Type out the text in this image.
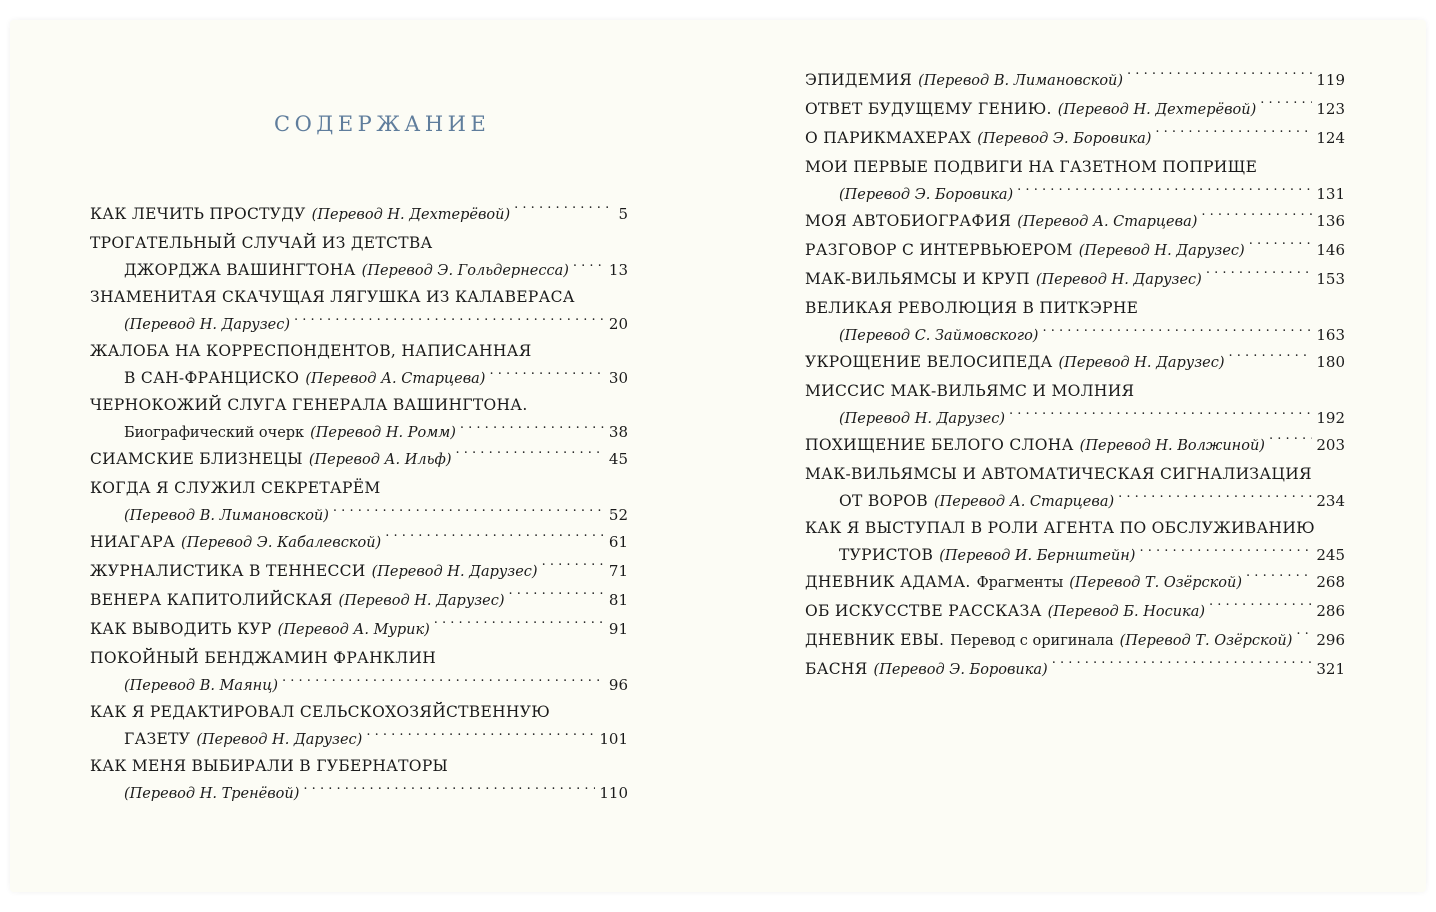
СОДЕРЖАНИЕ
КАК ЛЕЧИТЬ ПРОСТУДУ (Перевод Н. Дехтерёвой) . . .	5
ТРОГАТЕЛЬНЫЙ СЛУЧАЙ ИЗ ДЕТСТВА
ДЖОРДЖА ВАШИНГТОНА (Перевод Э. Гольдернесса) . . .	13
ЗНАМЕНИТАЯ СКАЧУЩАЯ ЛЯГУШКА ИЗ КАЛАВЕРАСА
(Перевод Н. Дарузес) . . .	20
ЖАЛОБА НА КОРРЕСПОНДЕНТОВ, НАПИСАННАЯ
В САН-ФРАНЦИСКО (Перевод А. Старцева) . . .	30
ЧЕРНОКОЖИЙ СЛУГА ГЕНЕРАЛА ВАШИНГТОНА.
Биографический очерк (Перевод Н. Ромм) . . .	38
СИАМСКИЕ БЛИЗНЕЦЫ (Перевод А. Ильф) . . .	45
КОГДА Я СЛУЖИЛ СЕКРЕТАРЁМ
(Перевод В. Лимановской) . . .	52
НИАГАРА (Перевод Э. Кабалевской) . . .	61
ЖУРНАЛИСТИКА В ТЕННЕССИ (Перевод Н. Дарузес) . . .	71
ВЕНЕРА КАПИТОЛИЙСКАЯ (Перевод Н. Дарузес) . . .	81
КАК ВЫВОДИТЬ КУР (Перевод А. Мурик) . . .	91
ПОКОЙНЫЙ БЕНДЖАМИН ФРАНКЛИН
(Перевод В. Маянц) . . .	96
КАК Я РЕДАКТИРОВАЛ СЕЛЬСКОХОЗЯЙСТВЕННУЮ
ГАЗЕТУ (Перевод Н. Дарузес) . . .	101
КАК МЕНЯ ВЫБИРАЛИ В ГУБЕРНАТОРЫ
(Перевод Н. Тренёвой) . . .	110
ЭПИДЕМИЯ (Перевод В. Лимановской) . . .	119
ОТВЕТ БУДУЩЕМУ ГЕНИЮ. (Перевод Н. Дехтерёвой) . . .	123
О ПАРИКМАХЕРАХ (Перевод Э. Боровика) . . .	124
МОИ ПЕРВЫЕ ПОДВИГИ НА ГАЗЕТНОМ ПОПРИЩЕ
(Перевод Э. Боровика) . . .	131
МОЯ АВТОБИОГРАФИЯ (Перевод А. Старцева) . . .	136
РАЗГОВОР С ИНТЕРВЬЮЕРОМ (Перевод Н. Дарузес) . . .	146
МАК-ВИЛЬЯМСЫ И КРУП (Перевод Н. Дарузес) . . .	153
ВЕЛИКАЯ РЕВОЛЮЦИЯ В ПИТКЭРНЕ
(Перевод С. Займовского) . . .	163
УКРОЩЕНИЕ ВЕЛОСИПЕДА (Перевод Н. Дарузес) . . .	180
МИССИС МАК-ВИЛЬЯМС И МОЛНИЯ
(Перевод Н. Дарузес) . . .	192
ПОХИЩЕНИЕ БЕЛОГО СЛОНА (Перевод Н. Волжиной) . . .	203
МАК-ВИЛЬЯМСЫ И АВТОМАТИЧЕСКАЯ СИГНАЛИЗАЦИЯ
ОТ ВОРОВ (Перевод А. Старцева) . . .	234
КАК Я ВЫСТУПАЛ В РОЛИ АГЕНТА ПО ОБСЛУЖИВАНИЮ
ТУРИСТОВ (Перевод И. Бернштейн) . . .	245
ДНЕВНИК АДАМА. Фрагменты (Перевод Т. Озёрской) . . .	268
ОБ ИСКУССТВЕ РАССКАЗА (Перевод Б. Носика) . . .	286
ДНЕВНИК ЕВЫ. Перевод с оригинала (Перевод Т. Озёрской) . . . 296
БАСНЯ (Перевод Э. Боровика) . . .	321
